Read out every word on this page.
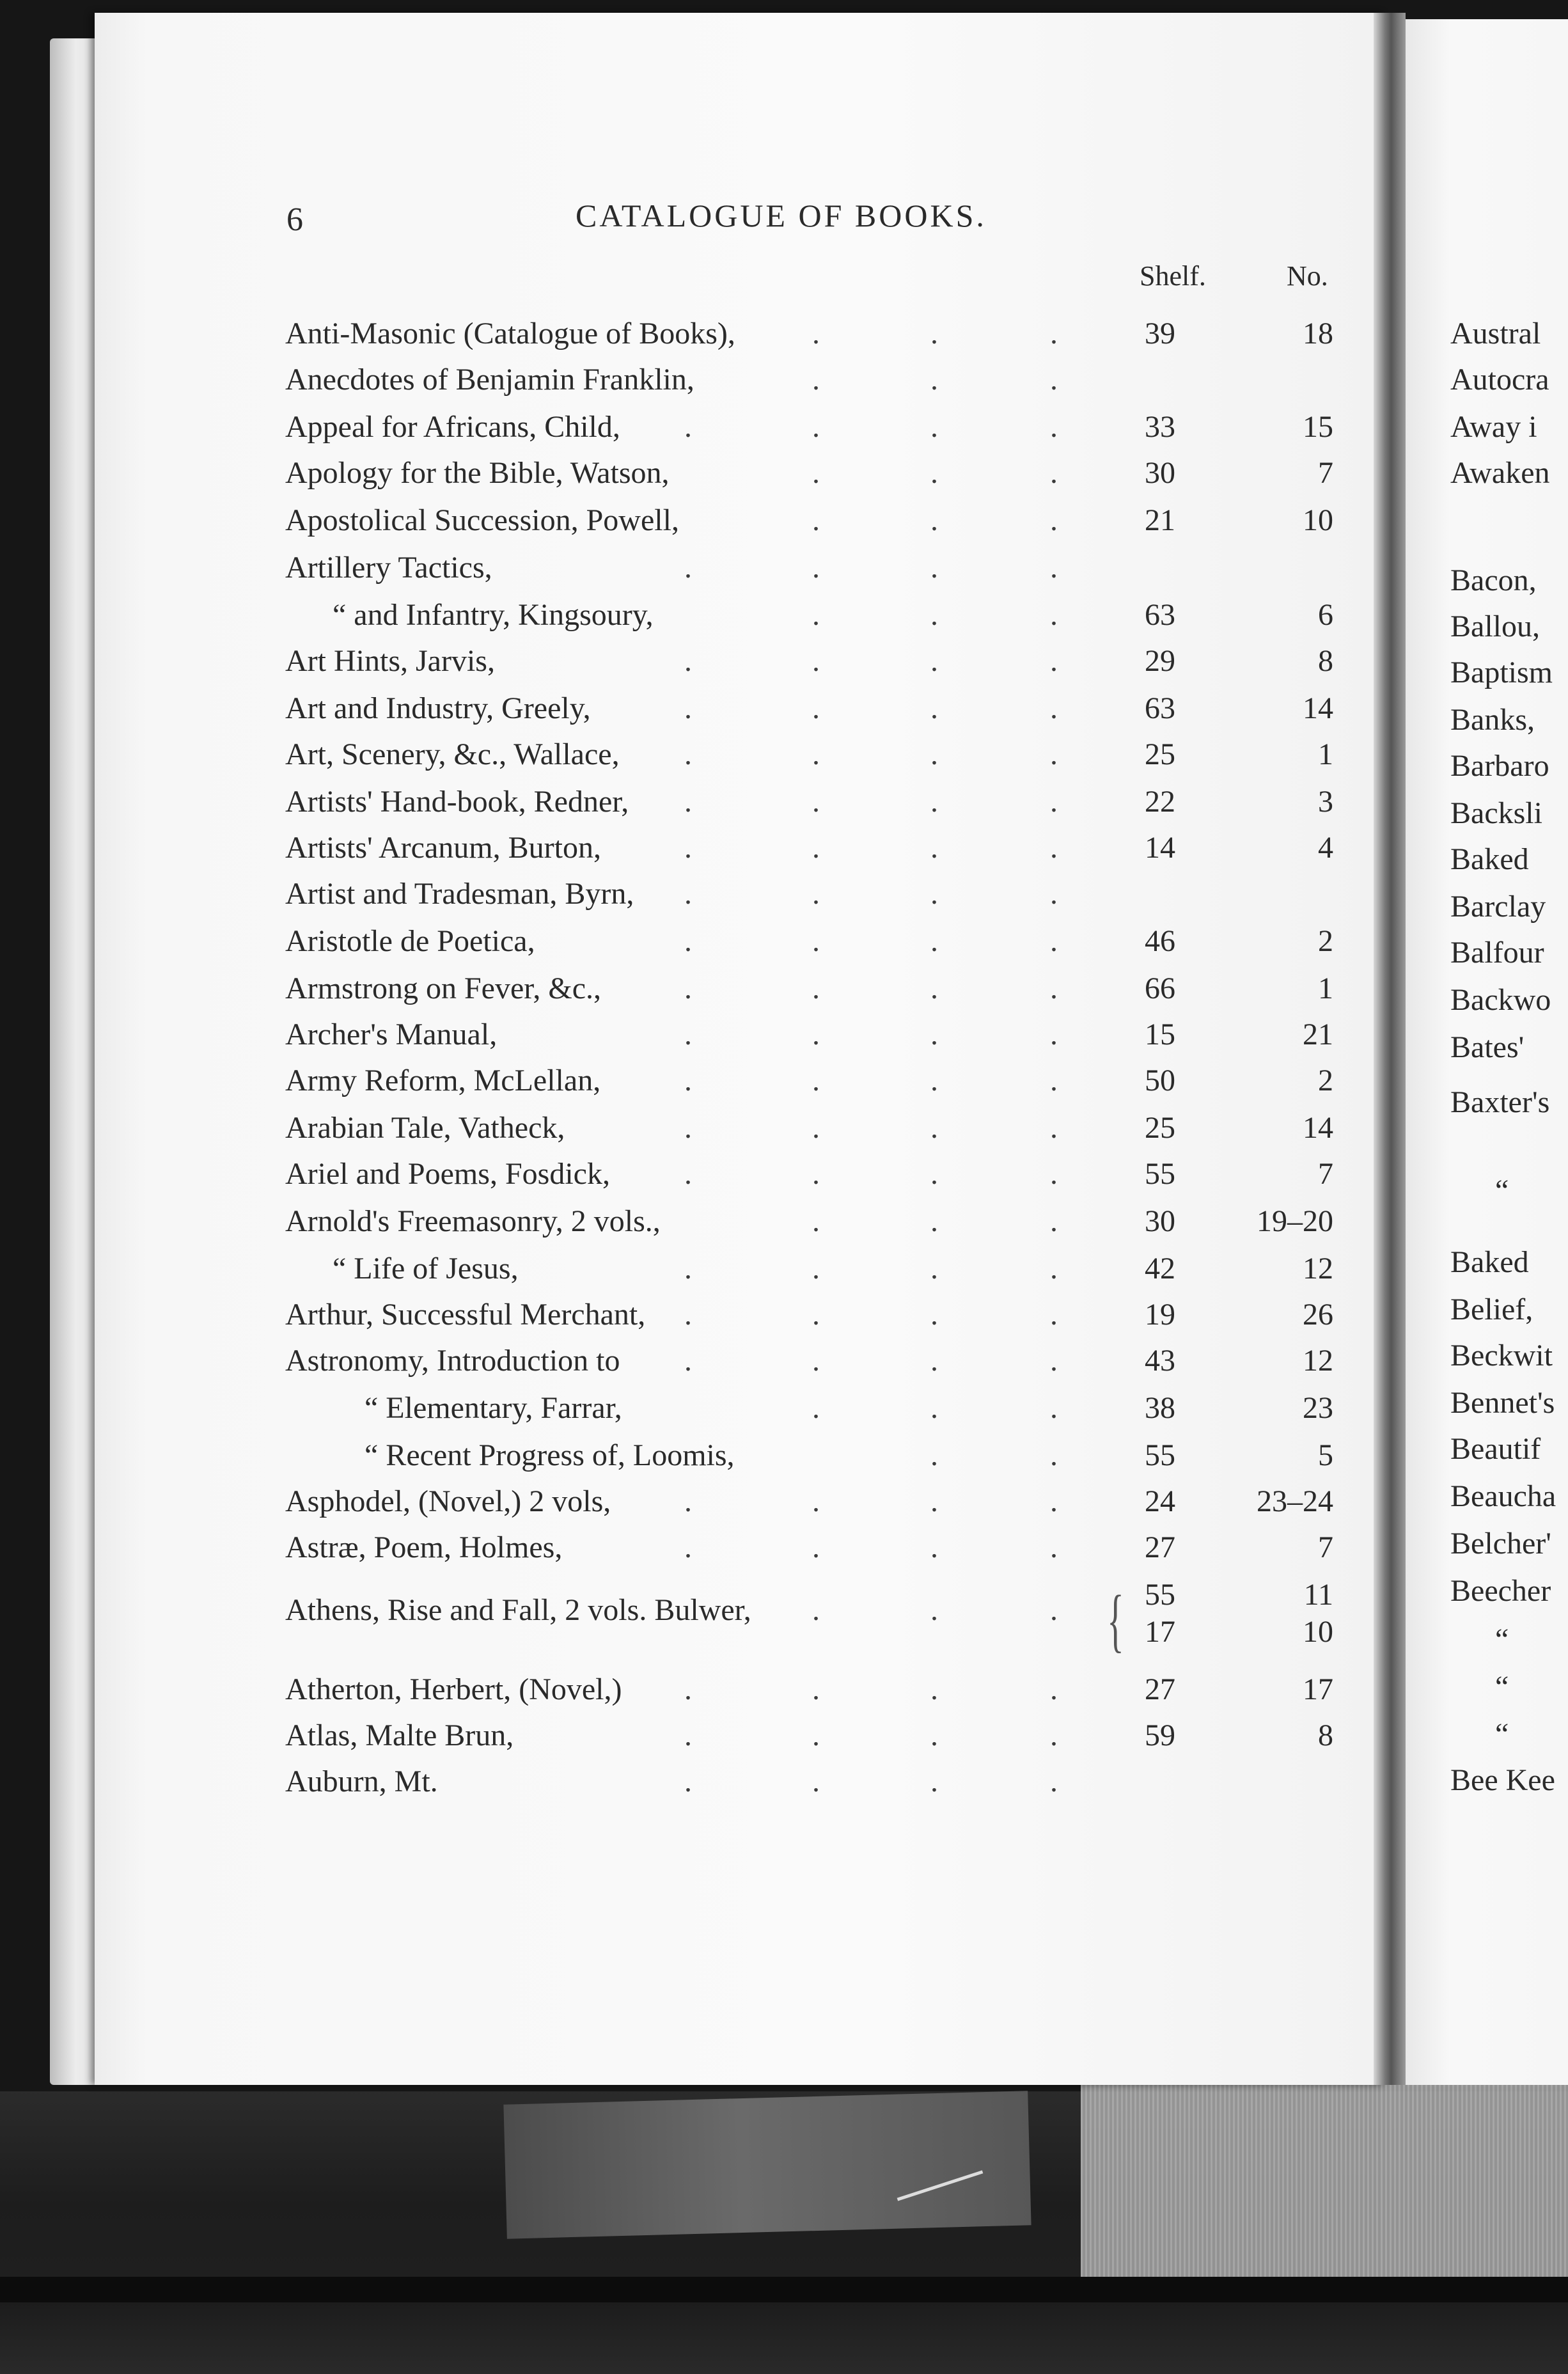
6	CATALOGUE OF BOOKS.
Shelf.	No.
Anti-Masonic (Catalogue of Books),	.	.	.	39	18
Anecdotes of Benjamin Franklin,	.	.	.
Appeal for Africans, Child, .	.	.	.	33	15
Apology for the Bible, Watson,	.	.	.	30	7
Apostolical Succession, Powell,	.	.	.	21	10
Artillery Tactics,	.	.	.	.
“ and Infantry, Kingsoury,	.	.	.	63	6
Art Hints, Jarvis,	.	.	.	.	29	8
Art and Industry, Greely,	.	.	.	.	63	14
Art, Scenery, &c., Wallace, .	.	.	.	25	1
Artists' Hand-book, Redner, .	.	.	.	22	3
Artists' Arcanum, Burton,	.	.	.	.	14	4
Artist and Tradesman, Byrn, .	.	.	.
Aristotle de Poetica,	.	.	.	.	46	2
Armstrong on Fever, &c.,	.	.	.	.	66	1
Archer's Manual,	.	.	.	.	15	21
Army Reform, McLellan,	.	.	.	.	50	2
Arabian Tale, Vatheck,	.	.	.	.	25	14
Ariel and Poems, Fosdick, .	.	.	.	55	7
Arnold's Freemasonry, 2 vols.,	.	.	.	30	19–20
“ Life of Jesus,	.	.	.	.	42	12
Arthur, Successful Merchant, .	.	.	.	19	26
Astronomy, Introduction to .	.	.	.	43	12
“ Elementary, Farrar,	.	.	.	38	23
“ Recent Progress of, Loomis,	.	.	55	5
Asphodel, (Novel,) 2 vols, .	.	.	.	24	23–24
Astræ, Poem, Holmes,	.	.	.	.	27	7
Athens, Rise and Fall, 2 vols. Bulwer, .	.	.	55	11
17	10
Atherton, Herbert, (Novel,) .	.	.	.	27	17
Atlas, Malte Brun,	.	.	.	.	59	8
Auburn, Mt.	.	.	.	.
{
Austral
Autocra
Away i
Awaken
Bacon,
Ballou,
Baptism
Banks,
Barbaro
Backsli
Baked
Barclay
Balfour
Backwo
Bates'
Baxter's
“
Baked
Belief,
Beckwit
Bennet's
Beautif
Beaucha
Belcher'
Beecher
“
“
“
Bee Kee
